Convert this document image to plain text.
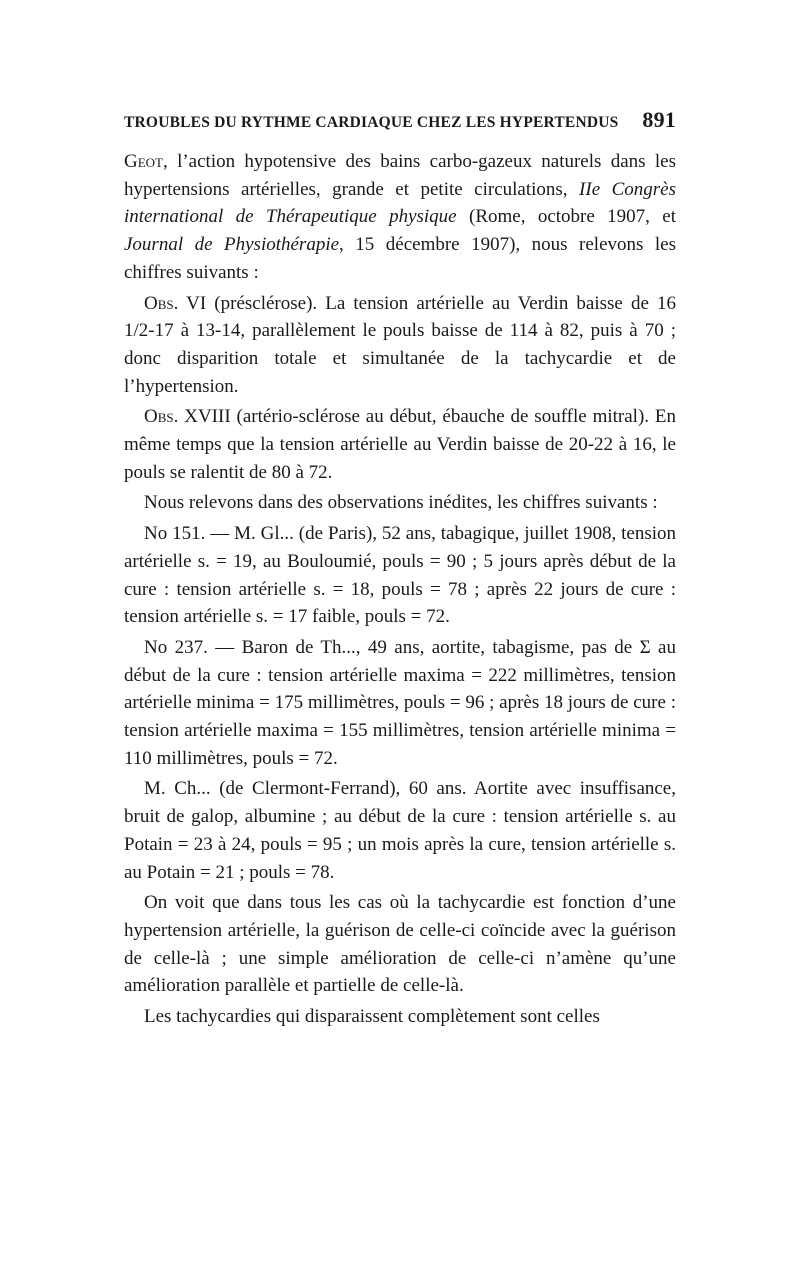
TROUBLES DU RYTHME CARDIAQUE CHEZ LES HYPERTENDUS 891

Geot, l’action hypotensive des bains carbo-gazeux naturels dans les hypertensions artérielles, grande et petite circulations, IIe Congrès international de Thérapeutique physique (Rome, octobre 1907, et Journal de Physiothérapie, 15 décembre 1907), nous relevons les chiffres suivants :

Obs. VI (présclérose). La tension artérielle au Verdin baisse de 16 1/2-17 à 13-14, parallèlement le pouls baisse de 114 à 82, puis à 70 ; donc disparition totale et simultanée de la tachycardie et de l’hypertension.

Obs. XVIII (artério-sclérose au début, ébauche de souffle mitral). En même temps que la tension artérielle au Verdin baisse de 20-22 à 16, le pouls se ralentit de 80 à 72.

Nous relevons dans des observations inédites, les chiffres suivants :

No 151. — M. Gl... (de Paris), 52 ans, tabagique, juillet 1908, tension artérielle s. = 19, au Bouloumié, pouls = 90 ; 5 jours après début de la cure : tension artérielle s. = 18, pouls = 78 ; après 22 jours de cure : tension artérielle s. = 17 faible, pouls = 72.

No 237. — Baron de Th..., 49 ans, aortite, tabagisme, pas de Σ au début de la cure : tension artérielle maxima = 222 millimètres, tension artérielle minima = 175 millimètres, pouls = 96 ; après 18 jours de cure : tension artérielle maxima = 155 millimètres, tension artérielle minima = 110 millimètres, pouls = 72.

M. Ch... (de Clermont-Ferrand), 60 ans. Aortite avec insuffisance, bruit de galop, albumine ; au début de la cure : tension artérielle s. au Potain = 23 à 24, pouls = 95 ; un mois après la cure, tension artérielle s. au Potain = 21 ; pouls = 78.

On voit que dans tous les cas où la tachycardie est fonction d’une hypertension artérielle, la guérison de celle-ci coïncide avec la guérison de celle-là ; une simple amélioration de celle-ci n’amène qu’une amélioration parallèle et partielle de celle-là.

Les tachycardies qui disparaissent complètement sont celles
